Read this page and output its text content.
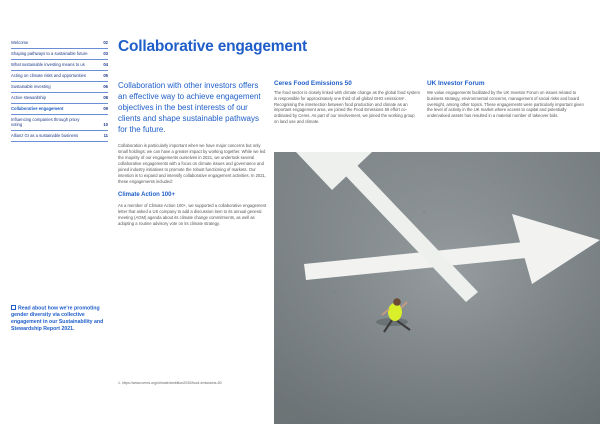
Welcome	02
Shaping pathways to a sustainable future	03
What sustainable investing means to us	04
Acting on climate risks and opportunities	05
Sustainable investing	06
Active stewardship	08
Collaborative engagement	09
Influencing companies through proxy voting	10
Allianz GI as a sustainable business	11
Collaborative engagement

Collaboration with other investors offers an effective way to achieve engagement objectives in the best interests of our clients and shape sustainable pathways for the future.

Collaboration is particularly important when we have major concerns but only small holdings; we can have a greater impact by working together. While we led the majority of our engagements ourselves in 2021, we undertook several collaborative engagements with a focus on climate issues and governance and joined industry initiatives to promote the robust functioning of markets. Our intention is to expand and intensify collaborative engagement activities. In 2021, these engagements included:

Climate Action 100+

As a member of Climate Action 100+, we supported a collaborative engagement letter that asked a US company to add a discussion item to its annual general meeting (AGM) agenda about its climate change commitments, as well as adopting a routine advisory vote on its climate strategy.

Ceres Food Emissions 50

The food sector is closely linked with climate change as the global food system is responsible for approximately one third of all global GHG emissions¹. Recognising the intersection between food production and climate as an important engagement area, we joined the Food Emissions 50 effort co-ordinated by Ceres. As part of our involvement, we joined the working group on land use and climate.

UK Investor Forum

We value engagements facilitated by the UK Investor Forum on issues related to business strategy, environmental concerns, management of social risks and board oversight, among other topics. These engagements were particularly important given the level of activity in the UK market where access to capital and potentially undervalued assets has resulted in a material number of takeover bids.

Read about how we're promoting gender diversity via collective engagement in our Sustainability and Stewardship Report 2021.
1. https://www.ceres.org/climate/ambition2030/food-emissions-50
